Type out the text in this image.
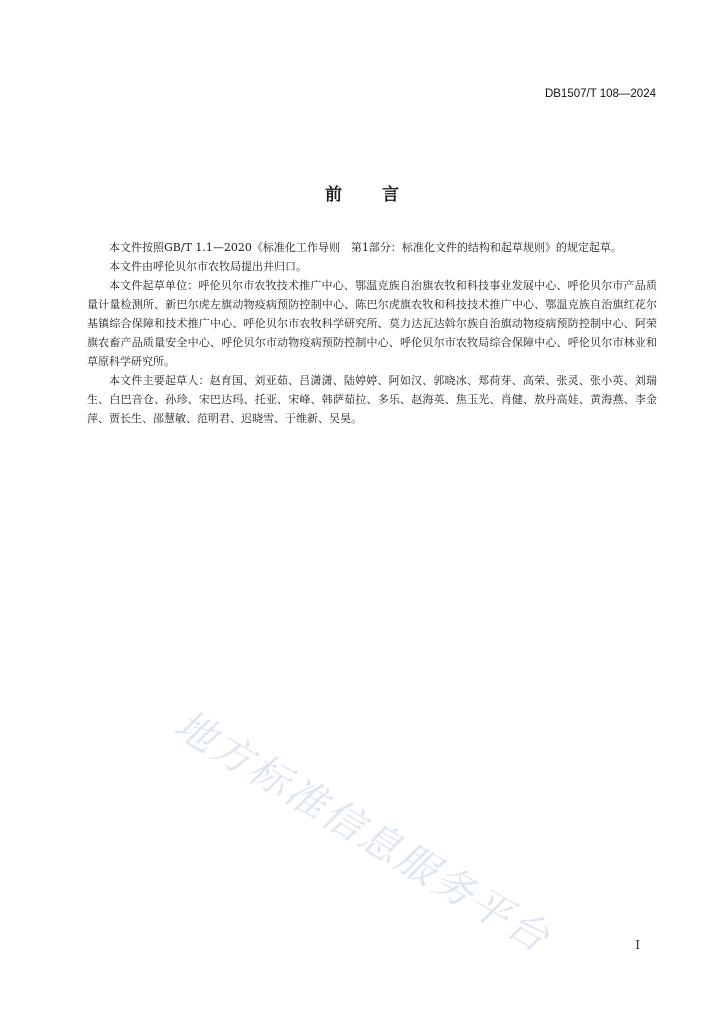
DB1507/T 108—2024
前 言

本文件按照GB/T 1.1—2020《标准化工作导则　第1部分：标准化文件的结构和起草规则》的规定起草。

本文件由呼伦贝尔市农牧局提出并归口。

本文件起草单位：呼伦贝尔市农牧技术推广中心、鄂温克族自治旗农牧和科技事业发展中心、呼伦贝尔市产品质量计量检测所、新巴尔虎左旗动物疫病预防控制中心、陈巴尔虎旗农牧和科技技术推广中心、鄂温克族自治旗红花尔基镇综合保障和技术推广中心、呼伦贝尔市农牧科学研究所、莫力达瓦达斡尔族自治旗动物疫病预防控制中心、阿荣旗农畜产品质量安全中心、呼伦贝尔市动物疫病预防控制中心、呼伦贝尔市农牧局综合保障中心、呼伦贝尔市林业和草原科学研究所。

本文件主要起草人：赵育国、刘亚茹、吕潇潇、陆婷婷、阿如汉、郭晓冰、郑荷芽、高荣、张灵、张小英、刘瑞生、白巴音仓、孙珍、宋巴达玛、托亚、宋峰、韩萨茹拉、多乐、赵海英、焦玉光、肖健、敖丹高娃、黄海燕、李金萍、贾长生、邵慧敏、范明君、迟晓雪、于维新、吴昊。

地方标准信息服务平台	I
